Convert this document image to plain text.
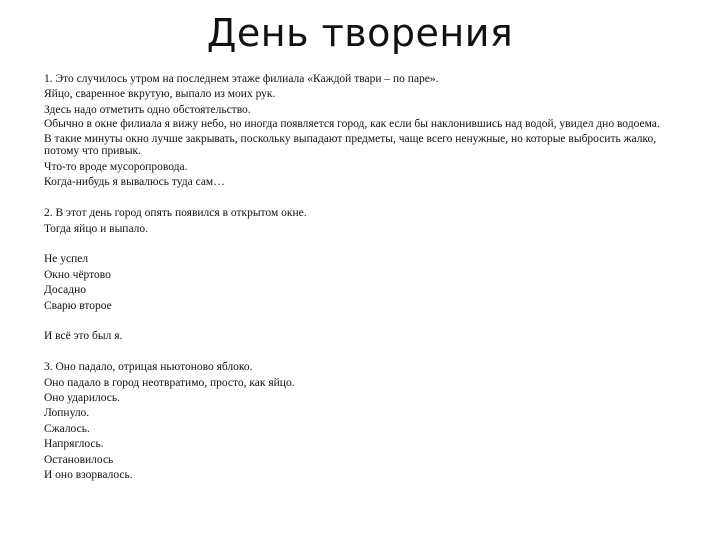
День творения
1. Это случилось утром на последнем этаже филиала «Каждой твари – по паре».
Яйцо, сваренное вкрутую, выпало из моих рук.
Здесь надо отметить одно обстоятельство.
Обычно в окне филиала я вижу небо, но иногда появляется город, как если бы наклонившись над водой, увидел дно водоема.
В такие минуты окно лучше закрывать, поскольку выпадают предметы, чаще всего ненужные, но которые выбросить жалко, потому что привык.
Что-то вроде мусоропровода.
Когда-нибудь я вывалюсь туда сам…
2. В этот день город опять появился в открытом окне.
Тогда яйцо и выпало.
Не успел
Окно чёртово
Досадно
Сварю второе
И всё это был я.
3. Оно падало, отрицая ньютоново яблоко.
Оно падало в город неотвратимо, просто, как яйцо.
Оно ударилось.
Лопнуло.
Сжалось.
Напряглось.
Остановилось
И оно взорвалось.
